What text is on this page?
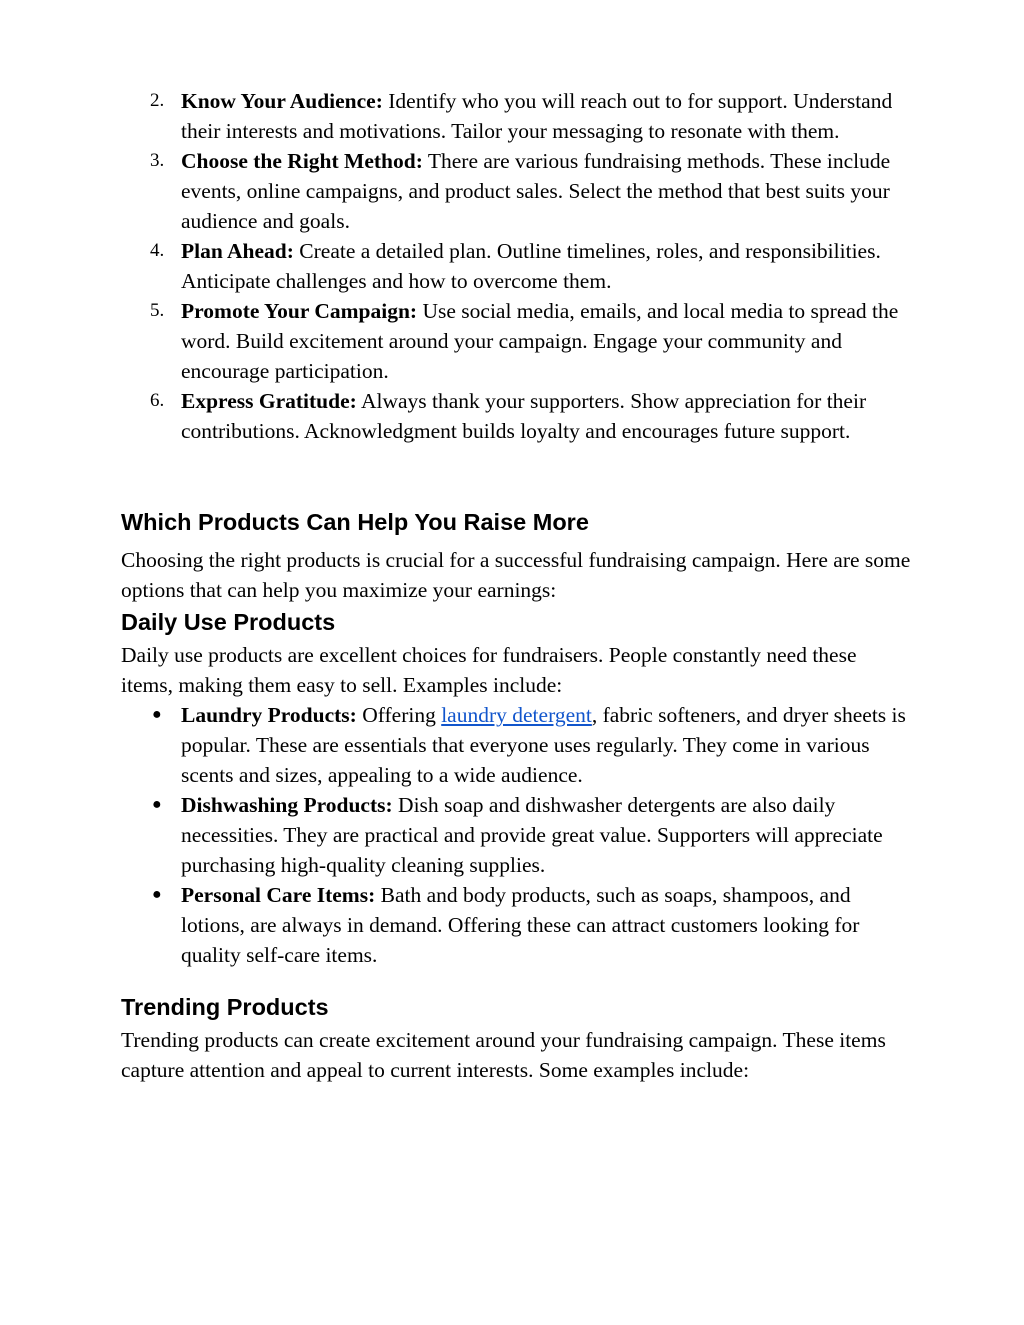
2. Know Your Audience: Identify who you will reach out to for support. Understand their interests and motivations. Tailor your messaging to resonate with them.
3. Choose the Right Method: There are various fundraising methods. These include events, online campaigns, and product sales. Select the method that best suits your audience and goals.
4. Plan Ahead: Create a detailed plan. Outline timelines, roles, and responsibilities. Anticipate challenges and how to overcome them.
5. Promote Your Campaign: Use social media, emails, and local media to spread the word. Build excitement around your campaign. Engage your community and encourage participation.
6. Express Gratitude: Always thank your supporters. Show appreciation for their contributions. Acknowledgment builds loyalty and encourages future support.
Which Products Can Help You Raise More

Choosing the right products is crucial for a successful fundraising campaign. Here are some options that can help you maximize your earnings:

Daily Use Products

Daily use products are excellent choices for fundraisers. People constantly need these items, making them easy to sell. Examples include:

● Laundry Products: Offering laundry detergent, fabric softeners, and dryer sheets is popular. These are essentials that everyone uses regularly. They come in various scents and sizes, appealing to a wide audience.
● Dishwashing Products: Dish soap and dishwasher detergents are also daily necessities. They are practical and provide great value. Supporters will appreciate purchasing high-quality cleaning supplies.
● Personal Care Items: Bath and body products, such as soaps, shampoos, and lotions, are always in demand. Offering these can attract customers looking for quality self-care items.
Trending Products

Trending products can create excitement around your fundraising campaign. These items capture attention and appeal to current interests. Some examples include:
